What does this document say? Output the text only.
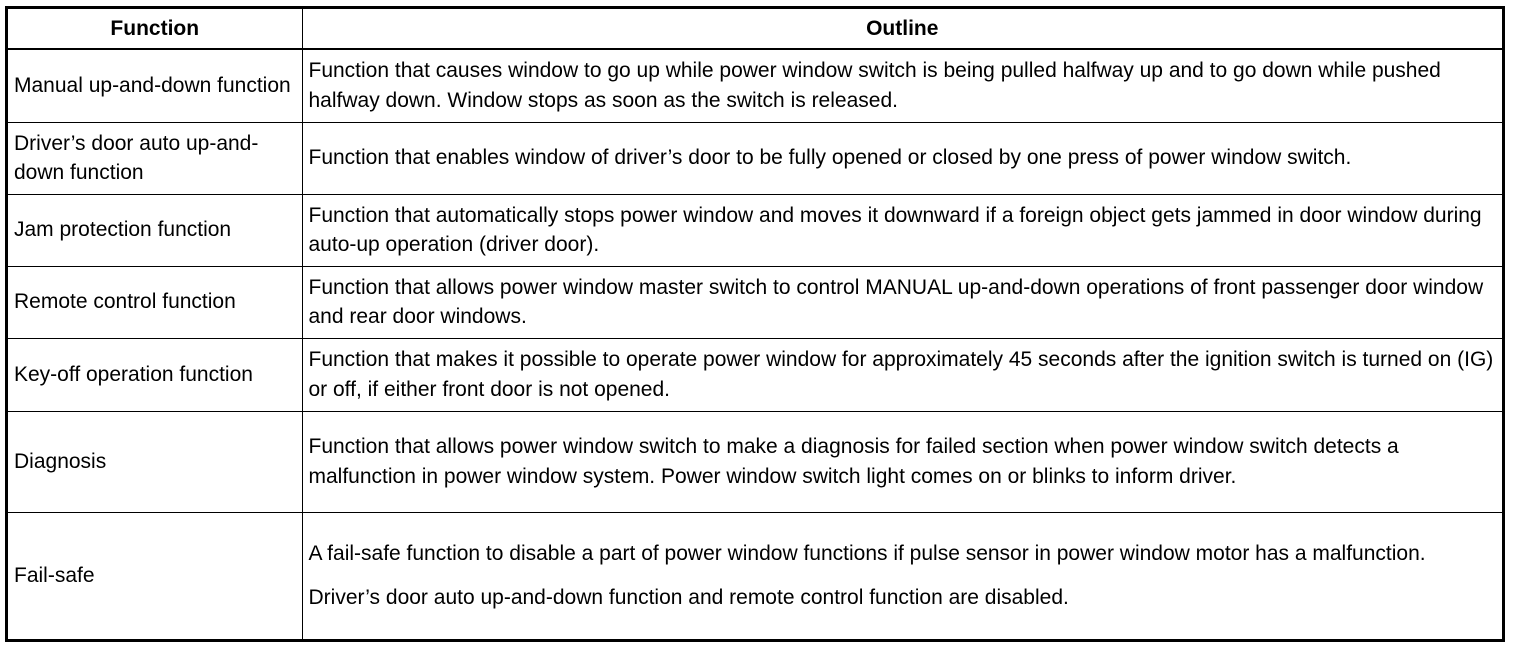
Function	Outline
Manual up-and-down function	Function that causes window to go up while power window switch is being pulled halfway up and to go down while pushed halfway down. Window stops as soon as the switch is released.

Driver’s door auto up-and-down function	Function that enables window of driver’s door to be fully opened or closed by one press of power window switch.

Jam protection function	Function that automatically stops power window and moves it downward if a foreign object gets jammed in door window during auto-up operation (driver door).

Remote control function	Function that allows power window master switch to control MANUAL up-and-down operations of front passenger door window and rear door windows.

Key-off operation function	Function that makes it possible to operate power window for approximately 45 seconds after the ignition switch is turned on (IG) or off, if either front door is not opened.

Diagnosis	Function that allows power window switch to make a diagnosis for failed section when power window switch detects a malfunction in power window system. Power window switch light comes on or blinks to inform driver.

Fail-safe	A fail-safe function to disable a part of power window functions if pulse sensor in power window motor has a malfunction.
Driver’s door auto up-and-down function and remote control function are disabled.
